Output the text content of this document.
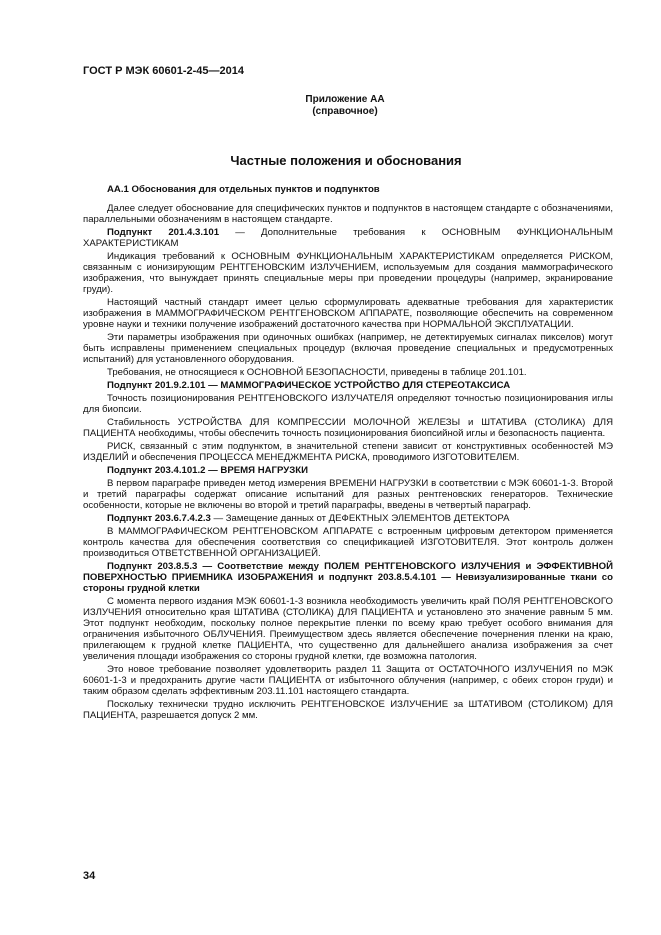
ГОСТ Р МЭК 60601-2-45—2014
Приложение АА
(справочное)
Частные положения и обоснования

АА.1 Обоснования для отдельных пунктов и подпунктов

Далее следует обоснование для специфических пунктов и подпунктов в настоящем стандарте с обозначениями, параллельными обозначениям в настоящем стандарте.

Подпункт 201.4.3.101 — Дополнительные требования к ОСНОВНЫМ ФУНКЦИОНАЛЬНЫМ ХАРАКТЕРИСТИКАМ

Индикация требований к ОСНОВНЫМ ФУНКЦИОНАЛЬНЫМ ХАРАКТЕРИСТИКАМ определяется РИСКОМ, связанным с ионизирующим РЕНТГЕНОВСКИМ ИЗЛУЧЕНИЕМ, используемым для создания маммографического изображения, что вынуждает принять специальные меры при проведении процедуры (например, экранирование груди).

Настоящий частный стандарт имеет целью сформулировать адекватные требования для характеристик изображения в МАММОГРАФИЧЕСКОМ РЕНТГЕНОВСКОМ АППАРАТЕ, позволяющие обеспечить на современном уровне науки и техники получение изображений достаточного качества при НОРМАЛЬНОЙ ЭКСПЛУАТАЦИИ.

Эти параметры изображения при одиночных ошибках (например, не детектируемых сигналах пикселов) могут быть исправлены применением специальных процедур (включая проведение специальных и предусмотренных испытаний) для установленного оборудования.

Требования, не относящиеся к ОСНОВНОЙ БЕЗОПАСНОСТИ, приведены в таблице 201.101.

Подпункт 201.9.2.101 — МАММОГРАФИЧЕСКОЕ УСТРОЙСТВО ДЛЯ СТЕРЕОТАКСИСА

Точность позиционирования РЕНТГЕНОВСКОГО ИЗЛУЧАТЕЛЯ определяют точностью позиционирования иглы для биопсии.

Стабильность УСТРОЙСТВА ДЛЯ КОМПРЕССИИ МОЛОЧНОЙ ЖЕЛЕЗЫ и ШТАТИВА (СТОЛИКА) ДЛЯ ПАЦИЕНТА необходимы, чтобы обеспечить точность позиционирования биопсийной иглы и безопасность пациента.

РИСК, связанный с этим подпунктом, в значительной степени зависит от конструктивных особенностей МЭ ИЗДЕЛИЙ и обеспечения ПРОЦЕССА МЕНЕДЖМЕНТА РИСКА, проводимого ИЗГОТОВИТЕЛЕМ.

Подпункт 203.4.101.2 — ВРЕМЯ НАГРУЗКИ

В первом параграфе приведен метод измерения ВРЕМЕНИ НАГРУЗКИ в соответствии с МЭК 60601-1-3. Второй и третий параграфы содержат описание испытаний для разных рентгеновских генераторов. Технические особенности, которые не включены во второй и третий параграфы, введены в четвертый параграф.

Подпункт 203.6.7.4.2.3 — Замещение данных от ДЕФЕКТНЫХ ЭЛЕМЕНТОВ ДЕТЕКТОРА

В МАММОГРАФИЧЕСКОМ РЕНТГЕНОВСКОМ АППАРАТЕ с встроенным цифровым детектором применяется контроль качества для обеспечения соответствия со спецификацией ИЗГОТОВИТЕЛЯ. Этот контроль должен производиться ОТВЕТСТВЕННОЙ ОРГАНИЗАЦИЕЙ.

Подпункт 203.8.5.3 — Соответствие между ПОЛЕМ РЕНТГЕНОВСКОГО ИЗЛУЧЕНИЯ и ЭФФЕКТИВНОЙ ПОВЕРХНОСТЬЮ ПРИЕМНИКА ИЗОБРАЖЕНИЯ и подпункт 203.8.5.4.101 — Невизуализированные ткани со стороны грудной клетки

С момента первого издания МЭК 60601-1-3 возникла необходимость увеличить край ПОЛЯ РЕНТГЕНОВСКОГО ИЗЛУЧЕНИЯ относительно края ШТАТИВА (СТОЛИКА) ДЛЯ ПАЦИЕНТА и установлено это значение равным 5 мм. Этот подпункт необходим, поскольку полное перекрытие пленки по всему краю требует особого внимания для ограничения избыточного ОБЛУЧЕНИЯ. Преимуществом здесь является обеспечение почернения пленки на краю, прилегающем к грудной клетке ПАЦИЕНТА, что существенно для дальнейшего анализа изображения за счет увеличения площади изображения со стороны грудной клетки, где возможна патология.

Это новое требование позволяет удовлетворить раздел 11 Защита от ОСТАТОЧНОГО ИЗЛУЧЕНИЯ по МЭК 60601-1-3 и предохранить другие части ПАЦИЕНТА от избыточного облучения (например, с обеих сторон груди) и таким образом сделать эффективным 203.11.101 настоящего стандарта.

Поскольку технически трудно исключить РЕНТГЕНОВСКОЕ ИЗЛУЧЕНИЕ за ШТАТИВОМ (СТОЛИКОМ) ДЛЯ ПАЦИЕНТА, разрешается допуск 2 мм.

34
